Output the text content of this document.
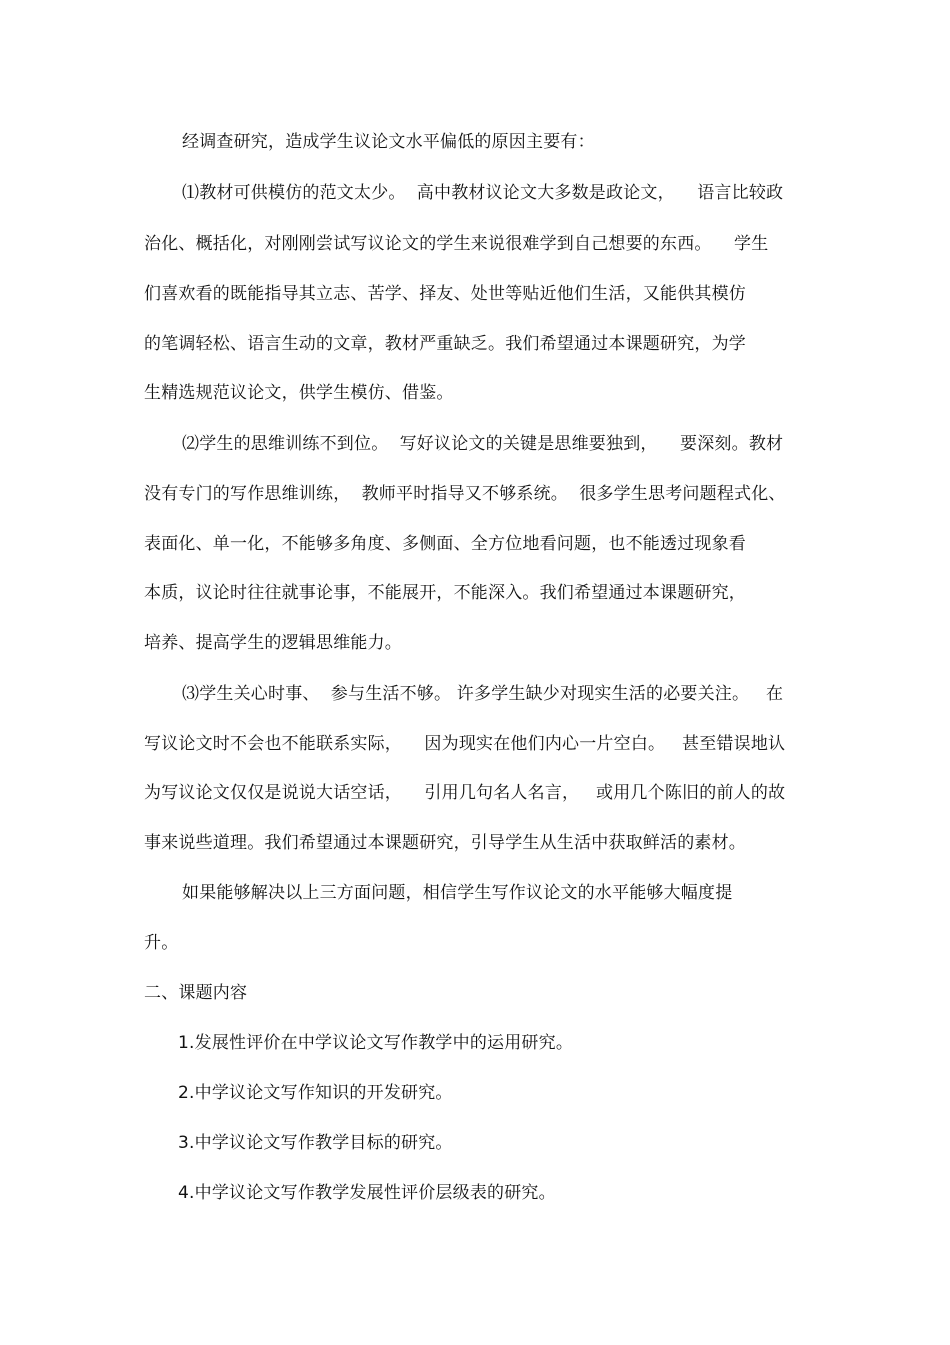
经调查研究，造成学生议论文水平偏低的原因主要有：
⑴教材可供模仿的范文太少。  高中教材议论文大多数是政论文，    语言比较政
治化、概括化，对刚刚尝试写议论文的学生来说很难学到自己想要的东西。    学生
们喜欢看的既能指导其立志、苦学、择友、处世等贴近他们生活，又能供其模仿
的笔调轻松、语言生动的文章，教材严重缺乏。我们希望通过本课题研究，为学
生精选规范议论文，供学生模仿、借鉴。
⑵学生的思维训练不到位。  写好议论文的关键是思维要独到，    要深刻。教材
没有专门的写作思维训练，  教师平时指导又不够系统。  很多学生思考问题程式化、
表面化、单一化，不能够多角度、多侧面、全方位地看问题，也不能透过现象看
本质，议论时往往就事论事，不能展开，不能深入。我们希望通过本课题研究，
培养、提高学生的逻辑思维能力。
⑶学生关心时事、  参与生活不够。 许多学生缺少对现实生活的必要关注。   在
写议论文时不会也不能联系实际，    因为现实在他们内心一片空白。   甚至错误地认
为写议论文仅仅是说说大话空话，    引用几句名人名言，   或用几个陈旧的前人的故
事来说些道理。我们希望通过本课题研究，引导学生从生活中获取鲜活的素材。
如果能够解决以上三方面问题，相信学生写作议论文的水平能够大幅度提
升。
二、课题内容
1.发展性评价在中学议论文写作教学中的运用研究。
2.中学议论文写作知识的开发研究。
3.中学议论文写作教学目标的研究。
4.中学议论文写作教学发展性评价层级表的研究。
